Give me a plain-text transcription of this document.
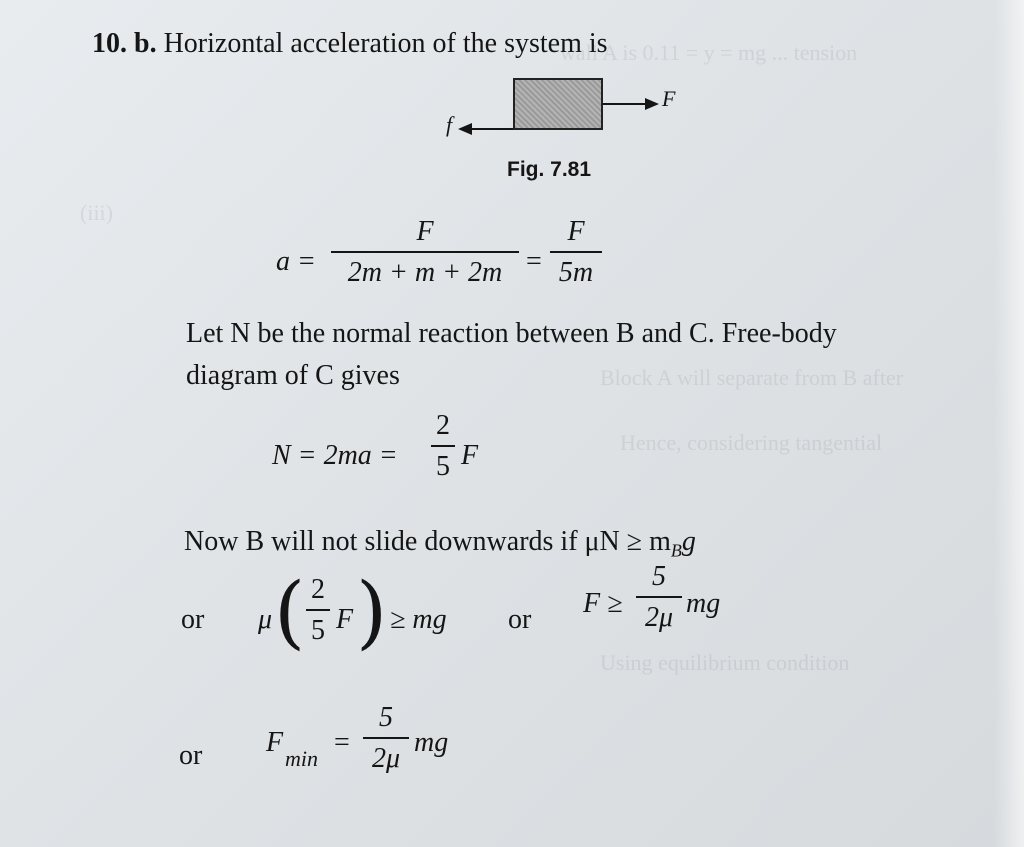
wall A is 0.11 = y = mg ... tension
(iii)
Block A will separate from B after
Hence, considering tangential
Using equilibrium condition
10. b. Horizontal acceleration of the system is
F
f
Fig. 7.81
a =
F
2m + m + 2m =
F
5m
Let N be the normal reaction between B and C. Free-body
diagram of C gives
N = 2ma =
2
5 F
Now B will not slide downwards if $\mu N \ge m_Bg$
or μ ( 2
5 F ) ≥ mg or
F ≥
5
2μ mg
or F
min
=
5
2μ
mg
